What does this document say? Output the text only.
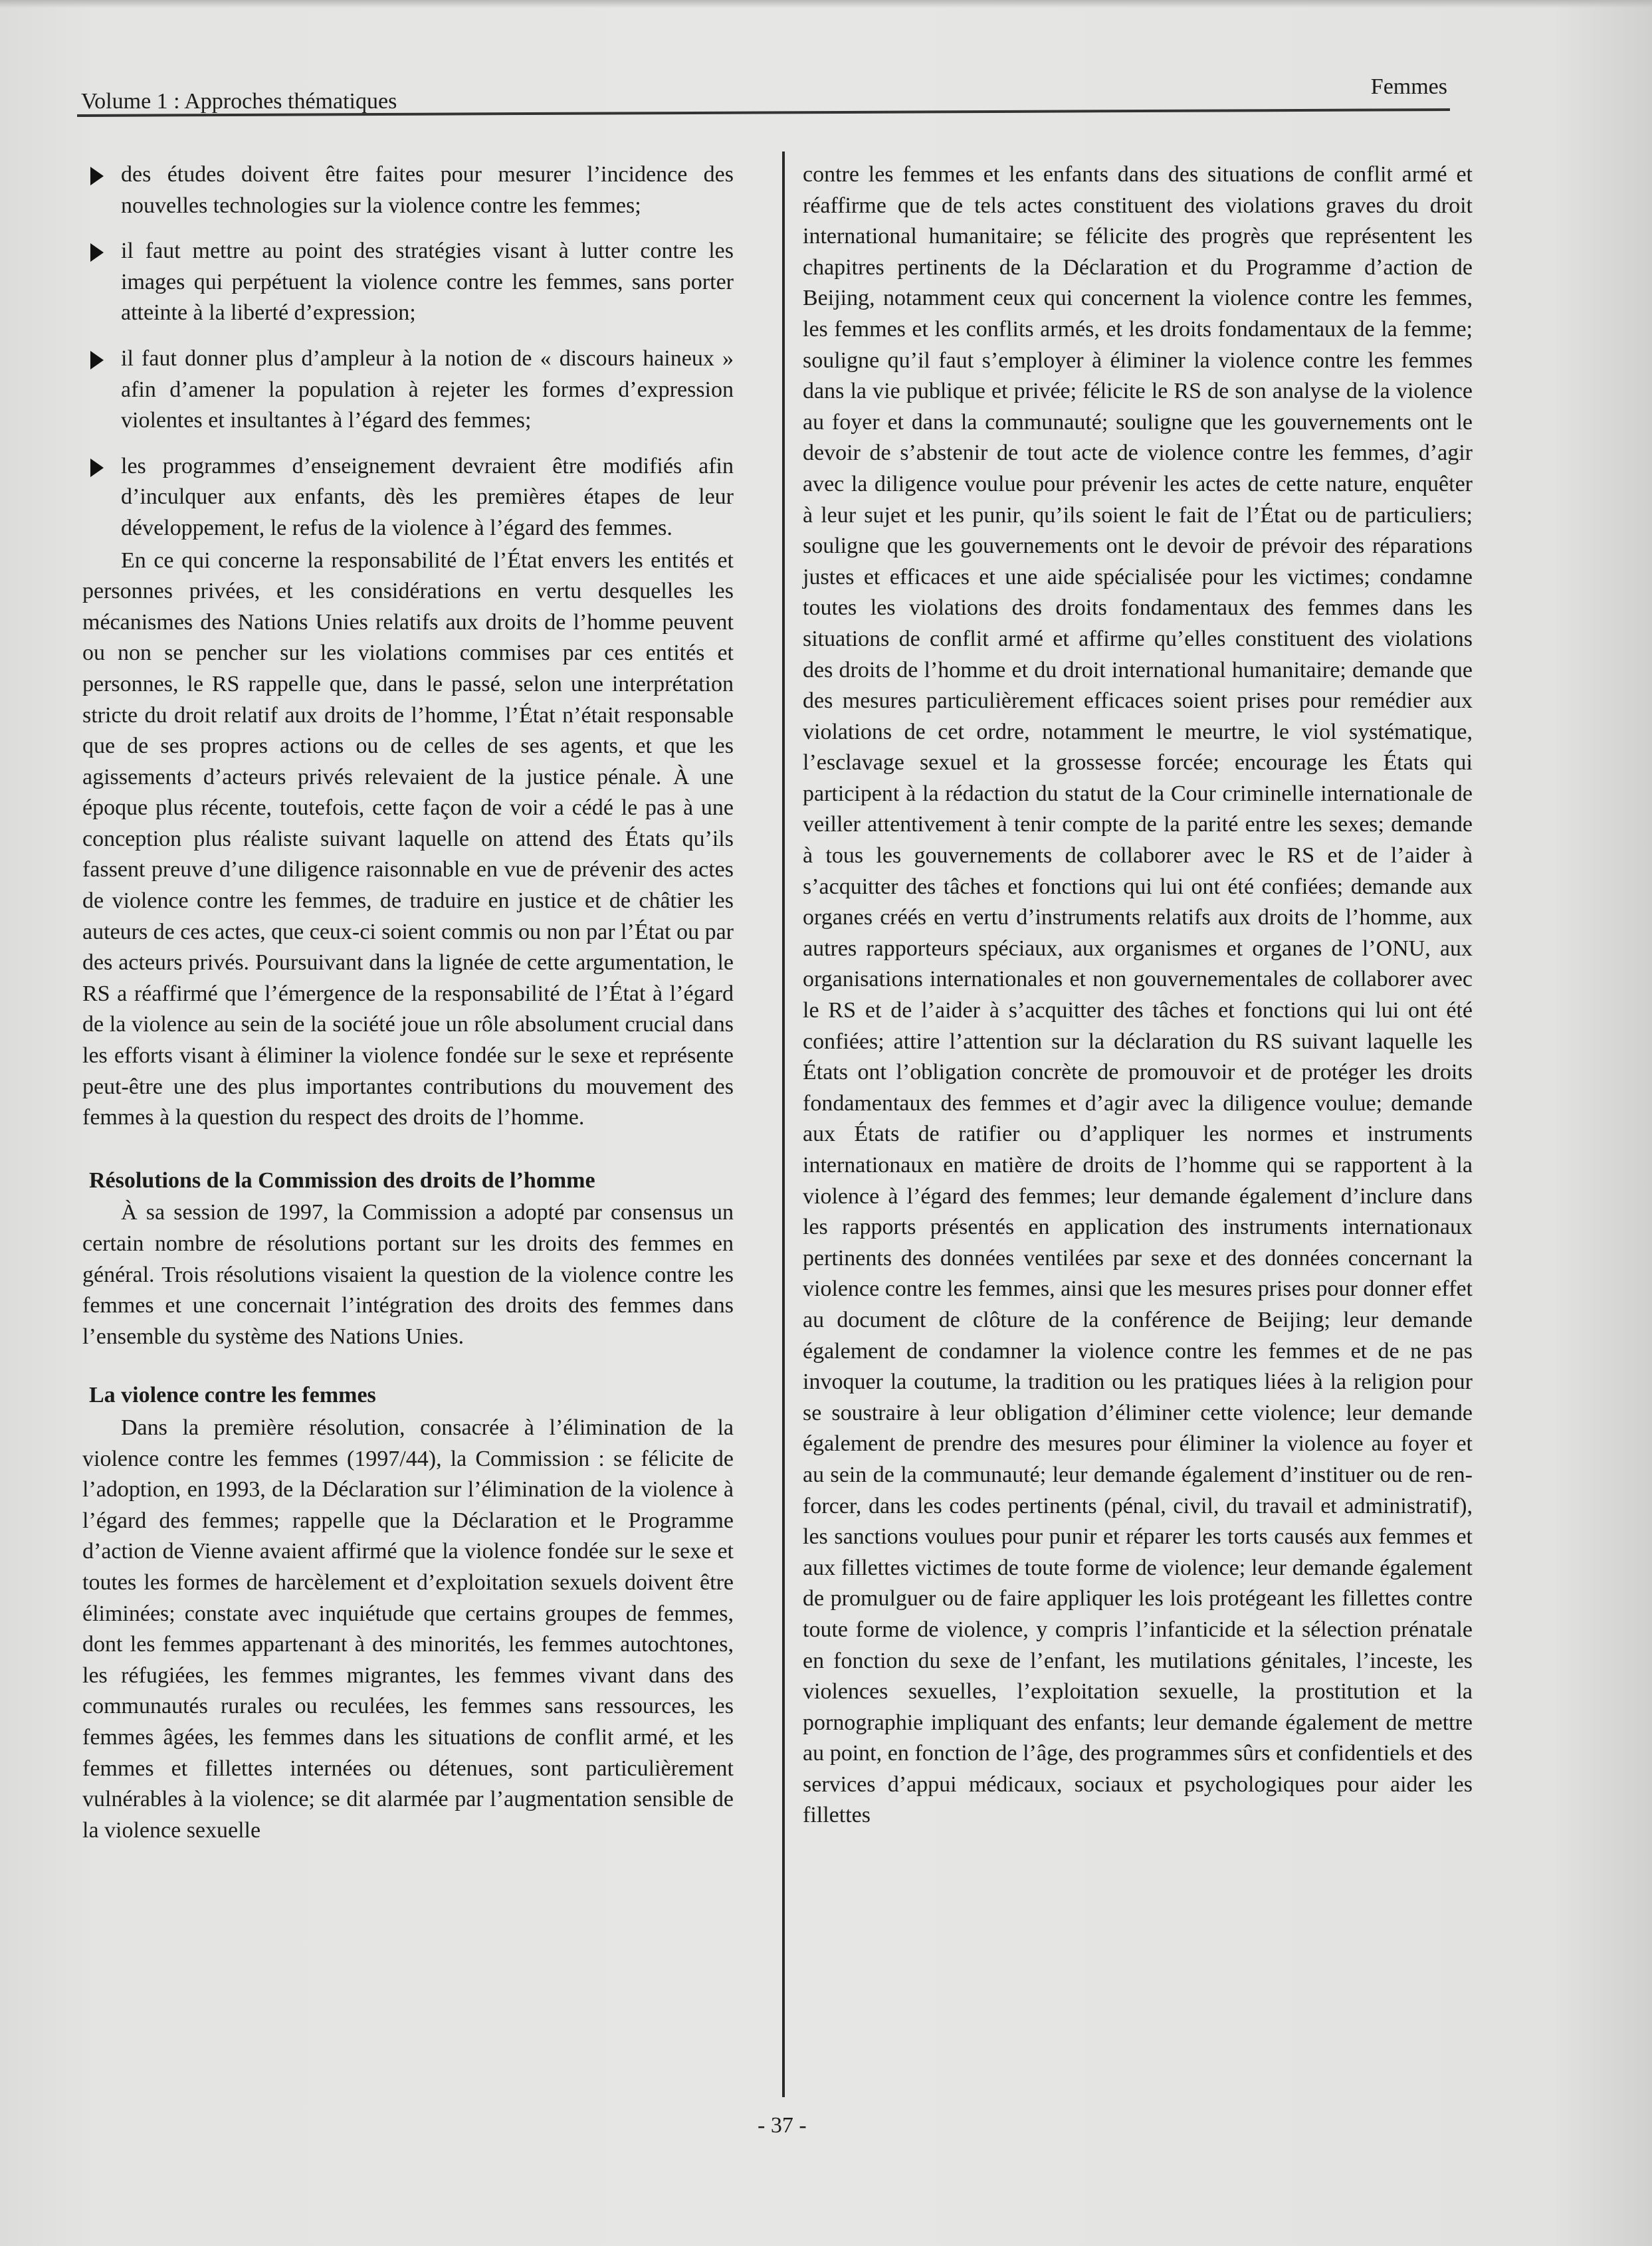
Volume 1 : Approches thématiques
Femmes
des études doivent être faites pour mesurer l’incidence des nouvelles technologies sur la violence contre les femmes;
il faut mettre au point des stratégies visant à lutter contre les images qui perpétuent la violence contre les femmes, sans porter atteinte à la liberté d’expression;
il faut donner plus d’ampleur à la notion de « discours haineux » afin d’amener la population à rejeter les formes d’expression violentes et insultantes à l’égard des femmes;
les programmes d’enseignement devraient être modifiés afin d’inculquer aux enfants, dès les premières étapes de leur développement, le refus de la violence à l’égard des femmes.

En ce qui concerne la responsabilité de l’État envers les entités et personnes privées, et les considérations en vertu desquelles les mécanismes des Nations Unies relatifs aux droits de l’homme peuvent ou non se pencher sur les violations commises par ces entités et personnes, le RS rappelle que, dans le passé, selon une interprétation stricte du droit relatif aux droits de l’homme, l’État n’était responsable que de ses propres actions ou de celles de ses agents, et que les agissements d’acteurs privés relevaient de la justice pénale. À une époque plus récente, toutefois, cette façon de voir a cédé le pas à une conception plus réaliste suivant laquelle on attend des États qu’ils fassent preuve d’une diligence raisonnable en vue de prévenir des actes de violence contre les femmes, de traduire en justice et de châtier les auteurs de ces actes, que ceux-ci soient commis ou non par l’État ou par des acteurs privés. Poursuivant dans la lignée de cette argumentation, le RS a réaffirmé que l’émergence de la responsabilité de l’État à l’égard de la violence au sein de la société joue un rôle absolument crucial dans les efforts visant à éliminer la violence fondée sur le sexe et représente peut-être une des plus importantes contributions du mouvement des femmes à la question du respect des droits de l’homme.

Résolutions de la Commission des droits de l’homme

À sa session de 1997, la Commission a adopté par consensus un certain nombre de résolutions portant sur les droits des femmes en général. Trois résolutions visaient la question de la violence contre les femmes et une concernait l’intégration des droits des femmes dans l’ensemble du système des Nations Unies.

La violence contre les femmes

Dans la première résolution, consacrée à l’élimination de la violence contre les femmes (1997/44), la Commission : se félicite de l’adoption, en 1993, de la Déclaration sur l’élimination de la violence à l’égard des femmes; rappelle que la Déclaration et le Programme d’action de Vienne avaient affirmé que la violence fondée sur le sexe et toutes les formes de harcèlement et d’exploitation sexuels doivent être éliminées; constate avec inquiétude que certains groupes de femmes, dont les femmes appartenant à des minorités, les femmes autochtones, les réfugiées, les femmes migrantes, les femmes vivant dans des communautés rurales ou reculées, les femmes sans ressources, les femmes âgées, les femmes dans les situations de conflit armé, et les femmes et fillettes internées ou détenues, sont particulièrement vulnérables à la violence; se dit alarmée par l’augmentation sensible de la violence sexuelle

contre les femmes et les enfants dans des situations de conflit armé et réaffirme que de tels actes constituent des violations graves du droit international humanitaire; se félicite des progrès que représentent les chapitres pertinents de la Déclaration et du Programme d’action de Beijing, notamment ceux qui concernent la violence contre les femmes, les femmes et les conflits armés, et les droits fondamentaux de la femme; souligne qu’il faut s’employer à éliminer la violence contre les femmes dans la vie publique et privée; félicite le RS de son analyse de la violence au foyer et dans la communauté; souligne que les gouvernements ont le devoir de s’abstenir de tout acte de violence contre les femmes, d’agir avec la diligence voulue pour prévenir les actes de cette nature, enquêter à leur sujet et les punir, qu’ils soient le fait de l’État ou de particuliers; souligne que les gouvernements ont le devoir de prévoir des réparations justes et efficaces et une aide spécialisée pour les victimes; condamne toutes les violations des droits fondamentaux des femmes dans les situations de conflit armé et affirme qu’elles constituent des violations des droits de l’homme et du droit international humanitaire; demande que des mesures particulièrement efficaces soient prises pour remédier aux violations de cet ordre, notamment le meurtre, le viol systématique, l’esclavage sexuel et la grossesse forcée; encourage les États qui participent à la rédaction du statut de la Cour criminelle internationale de veiller attentivement à tenir compte de la parité entre les sexes; demande à tous les gouvernements de collaborer avec le RS et de l’aider à s’acquitter des tâches et fonctions qui lui ont été confiées; demande aux organes créés en vertu d’instruments relatifs aux droits de l’homme, aux autres rapporteurs spéciaux, aux organismes et organes de l’ONU, aux organisations internationales et non gouvernementales de collaborer avec le RS et de l’aider à s’acquitter des tâches et fonctions qui lui ont été confiées; attire l’attention sur la déclaration du RS suivant laquelle les États ont l’obligation concrète de promouvoir et de protéger les droits fondamentaux des femmes et d’agir avec la diligence voulue; demande aux États de ratifier ou d’appliquer les normes et instruments internationaux en matière de droits de l’homme qui se rapportent à la violence à l’égard des femmes; leur demande également d’inclure dans les rapports présentés en application des instruments internationaux pertinents des données ventilées par sexe et des données concernant la violence contre les femmes, ainsi que les mesures prises pour donner effet au document de clôture de la conférence de Beijing; leur demande également de condamner la violence contre les femmes et de ne pas invoquer la coutume, la tradition ou les pratiques liées à la religion pour se soustraire à leur obligation d’éliminer cette violence; leur demande également de prendre des mesures pour éliminer la violence au foyer et au sein de la communauté; leur demande également d’instituer ou de renforcer, dans les codes pertinents (pénal, civil, du travail et administratif), les sanctions voulues pour punir et réparer les torts causés aux femmes et aux fillettes victimes de toute forme de violence; leur demande également de promulguer ou de faire appliquer les lois protégeant les fillettes contre toute forme de violence, y compris l’infanticide et la sélection prénatale en fonction du sexe de l’enfant, les mutilations génitales, l’inceste, les violences sexuelles, l’exploitation sexuelle, la prostitution et la pornographie impliquant des enfants; leur demande également de mettre au point, en fonction de l’âge, des programmes sûrs et confidentiels et des services d’appui médicaux, sociaux et psychologiques pour aider les fillettes

- 37 -
